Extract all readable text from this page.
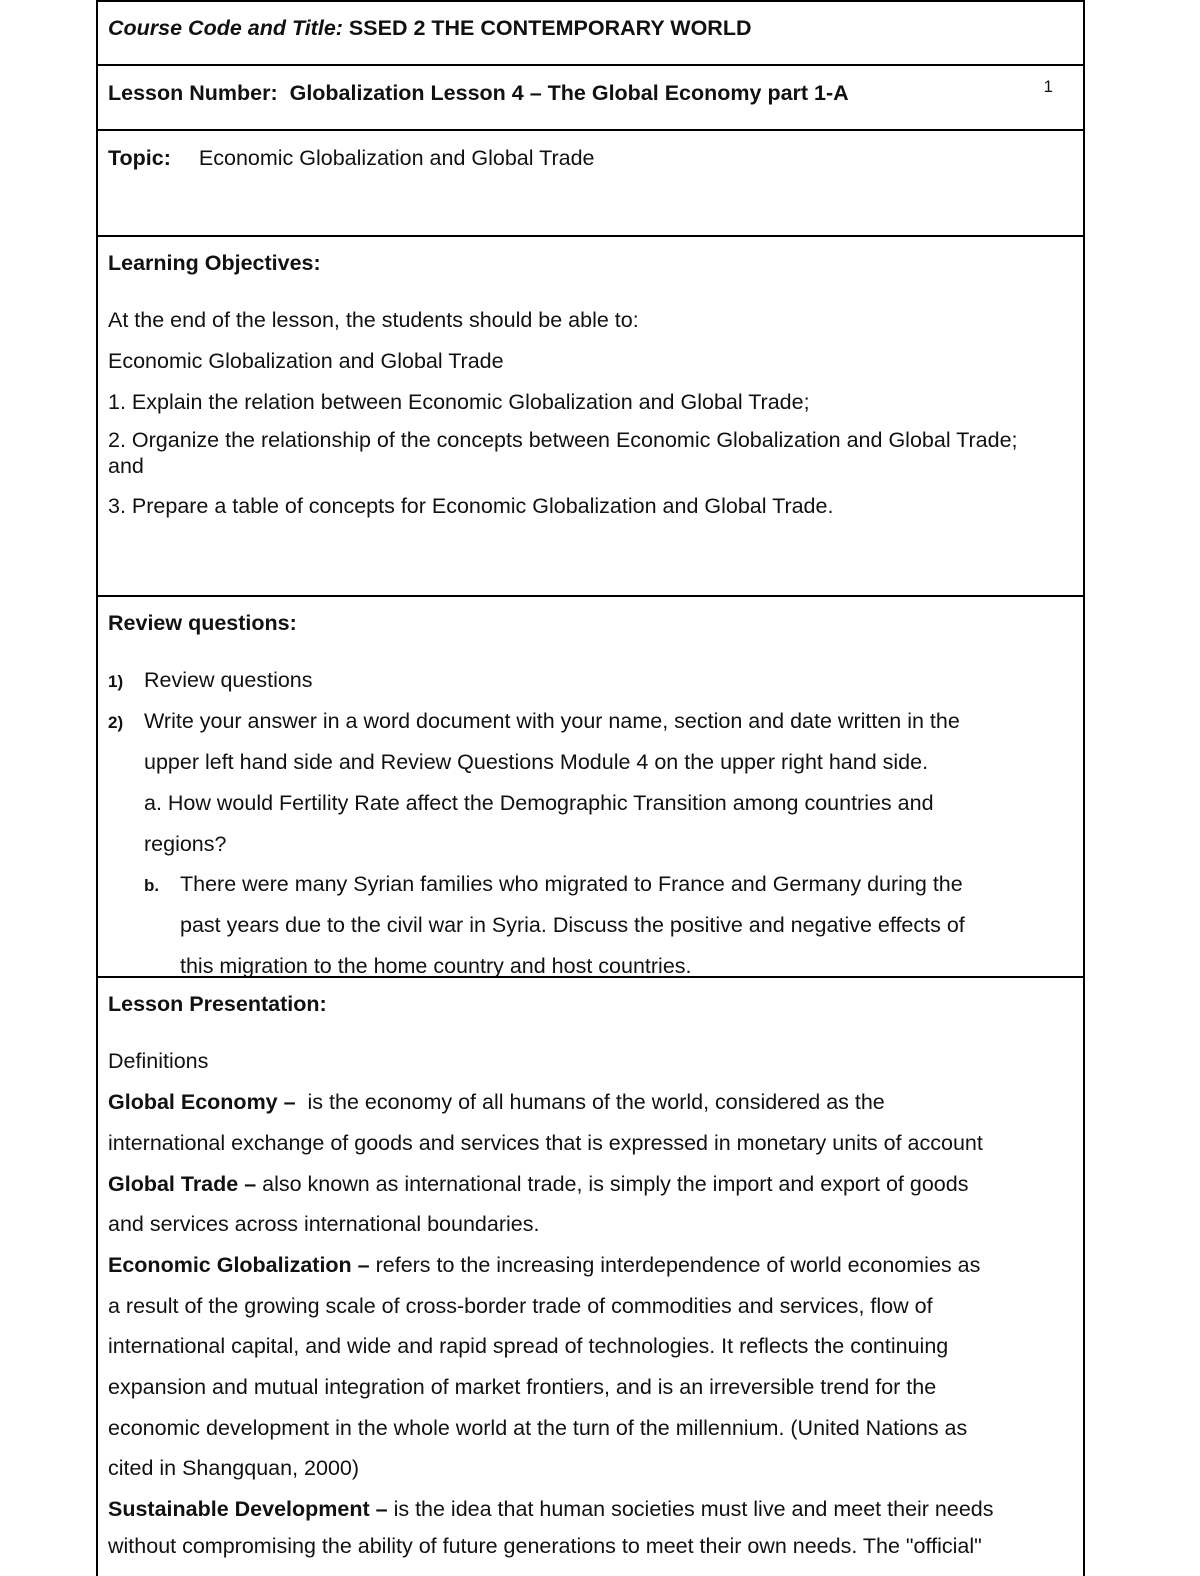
Course Code and Title: SSED 2 THE CONTEMPORARY WORLD
Lesson Number: Globalization Lesson 4 – The Global Economy part 1-A	1
Topic: Economic Globalization and Global Trade
Learning Objectives:
At the end of the lesson, the students should be able to:
Economic Globalization and Global Trade
1. Explain the relation between Economic Globalization and Global Trade;
2. Organize the relationship of the concepts between Economic Globalization and Global Trade; and
3. Prepare a table of concepts for Economic Globalization and Global Trade.
Review questions:
1) Review questions
2) Write your answer in a word document with your name, section and date written in the
upper left hand side and Review Questions Module 4 on the upper right hand side.
a. How would Fertility Rate affect the Demographic Transition among countries and
regions?
b. There were many Syrian families who migrated to France and Germany during the
past years due to the civil war in Syria. Discuss the positive and negative effects of
this migration to the home country and host countries.
Lesson Presentation:
Definitions
Global Economy –  is the economy of all humans of the world, considered as the
international exchange of goods and services that is expressed in monetary units of account
Global Trade – also known as international trade, is simply the import and export of goods
and services across international boundaries.
Economic Globalization – refers to the increasing interdependence of world economies as
a result of the growing scale of cross-border trade of commodities and services, flow of
international capital, and wide and rapid spread of technologies. It reflects the continuing
expansion and mutual integration of market frontiers, and is an irreversible trend for the
economic development in the whole world at the turn of the millennium. (United Nations as
cited in Shangquan, 2000)
Sustainable Development – is the idea that human societies must live and meet their needs
without compromising the ability of future generations to meet their own needs. The "official"
